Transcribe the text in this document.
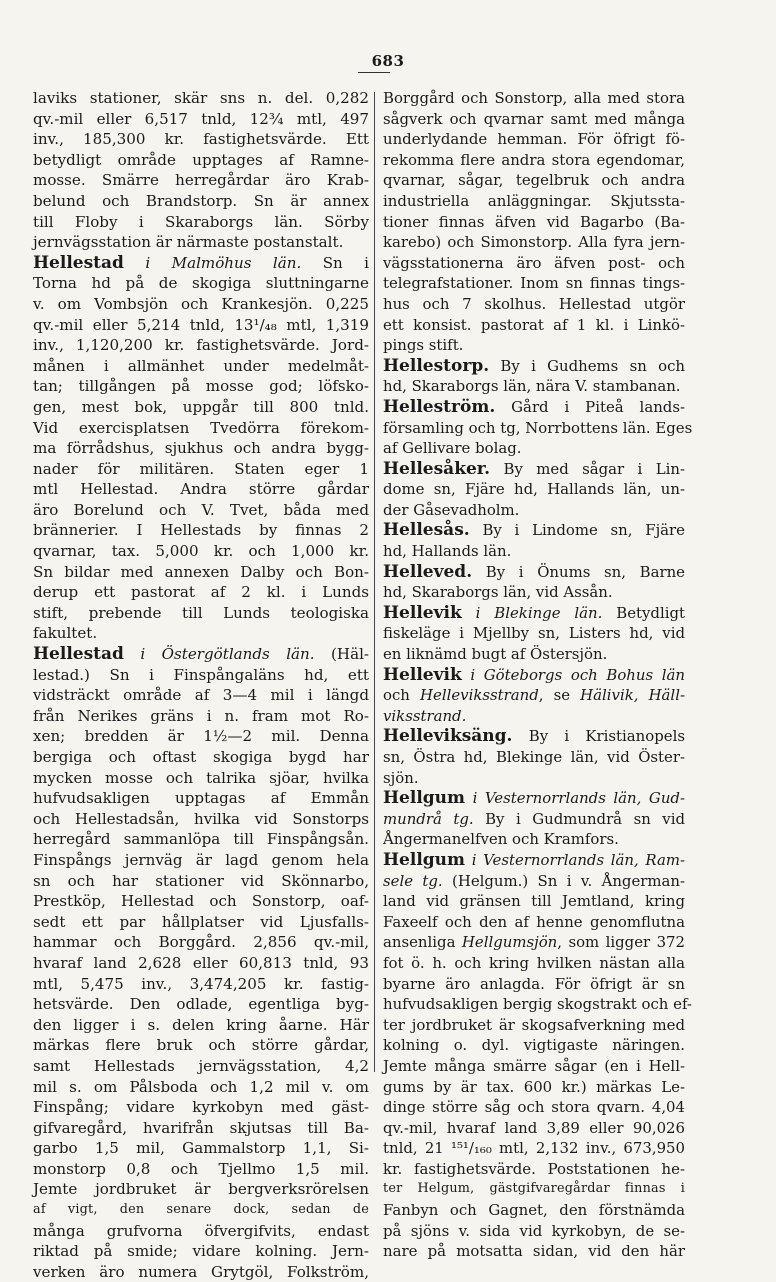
683
laviks stationer, skär sns n. del. 0,282
qv.-mil eller 6,517 tnld, 12¾ mtl, 497
inv., 185,300 kr. fastighetsvärde. Ett
betydligt område upptages af Ramne-
mosse. Smärre herregårdar äro Krab-
belund och Brandstorp. Sn är annex
till Floby i Skaraborgs län. Sörby
jernvägsstation är närmaste postanstalt.
Hellestad i Malmöhus län. Sn i
Torna hd på de skogiga sluttningarne
v. om Vombsjön och Krankesjön. 0,225
qv.-mil eller 5,214 tnld, 13¹/₄₈ mtl, 1,319
inv., 1,120,200 kr. fastighetsvärde. Jord-
månen i allmänhet under medelmåt-
tan; tillgången på mosse god; löfsko-
gen, mest bok, uppgår till 800 tnld.
Vid exercisplatsen Tvedörra förekom-
ma förrådshus, sjukhus och andra bygg-
nader för militären. Staten eger 1
mtl Hellestad. Andra större gårdar
äro Borelund och V. Tvet, båda med
brännerier. I Hellestads by finnas 2
qvarnar, tax. 5,000 kr. och 1,000 kr.
Sn bildar med annexen Dalby och Bon-
derup ett pastorat af 2 kl. i Lunds
stift, prebende till Lunds teologiska
fakultet.
Hellestad i Östergötlands län. (Häl-
lestad.) Sn i Finspångaläns hd, ett
vidsträckt område af 3—4 mil i längd
från Nerikes gräns i n. fram mot Ro-
xen; bredden är 1½—2 mil. Denna
bergiga och oftast skogiga bygd har
mycken mosse och talrika sjöar, hvilka
hufvudsakligen upptagas af Emmån
och Hellestadsån, hvilka vid Sonstorps
herregård sammanlöpa till Finspångsån.
Finspångs jernväg är lagd genom hela
sn och har stationer vid Skönnarbo,
Prestköp, Hellestad och Sonstorp, oaf-
sedt ett par hållplatser vid Ljusfalls-
hammar och Borggård. 2,856 qv.-mil,
hvaraf land 2,628 eller 60,813 tnld, 93
mtl, 5,475 inv., 3,474,205 kr. fastig-
hetsvärde. Den odlade, egentliga byg-
den ligger i s. delen kring åarne. Här
märkas flere bruk och större gårdar,
samt Hellestads jernvägsstation, 4,2
mil s. om Pålsboda och 1,2 mil v. om
Finspång; vidare kyrkobyn med gäst-
gifvaregård, hvarifrån skjutsas till Ba-
garbo 1,5 mil, Gammalstorp 1,1, Si-
monstorp 0,8 och Tjellmo 1,5 mil.
Jemte jordbruket är bergverksrörelsen
af vigt, den senare dock, sedan de
många grufvorna öfvergifvits, endast
riktad på smide; vidare kolning. Jern-
verken äro numera Grytgöl, Folkström,
Borggård och Sonstorp, alla med stora
sågverk och qvarnar samt med många
underlydande hemman. För öfrigt fö-
rekomma flere andra stora egendomar,
qvarnar, sågar, tegelbruk och andra
industriella anläggningar. Skjutssta-
tioner finnas äfven vid Bagarbo (Ba-
karebo) och Simonstorp. Alla fyra jern-
vägsstationerna äro äfven post- och
telegrafstationer. Inom sn finnas tings-
hus och 7 skolhus. Hellestad utgör
ett konsist. pastorat af 1 kl. i Linkö-
pings stift.
Hellestorp. By i Gudhems sn och
hd, Skaraborgs län, nära V. stambanan.
Helleström. Gård i Piteå lands-
församling och tg, Norrbottens län. Eges
af Gellivare bolag.
Hellesåker. By med sågar i Lin-
dome sn, Fjäre hd, Hallands län, un-
der Gåsevadholm.
Hellesås. By i Lindome sn, Fjäre
hd, Hallands län.
Helleved. By i Önums sn, Barne
hd, Skaraborgs län, vid Assån.
Hellevik i Blekinge län. Betydligt
fiskeläge i Mjellby sn, Listers hd, vid
en liknämd bugt af Östersjön.
Hellevik i Göteborgs och Bohus län
och Helleviksstrand, se Hälivik, Häll-
viksstrand.
Helleviksäng. By i Kristianopels
sn, Östra hd, Blekinge län, vid Öster-
sjön.
Hellgum i Vesternorrlands län, Gud-
mundrå tg. By i Gudmundrå sn vid
Ångermanelfven och Kramfors.
Hellgum i Vesternorrlands län, Ram-
sele tg. (Helgum.) Sn i v. Ångerman-
land vid gränsen till Jemtland, kring
Faxeelf och den af henne genomflutna
ansenliga Hellgumsjön, som ligger 372
fot ö. h. och kring hvilken nästan alla
byarne äro anlagda. För öfrigt är sn
hufvudsakligen bergig skogstrakt och ef-
ter jordbruket är skogsafverkning med
kolning o. dyl. vigtigaste näringen.
Jemte många smärre sågar (en i Hell-
gums by är tax. 600 kr.) märkas Le-
dinge större såg och stora qvarn. 4,04
qv.-mil, hvaraf land 3,89 eller 90,026
tnld, 21 ¹⁵¹/₁₆₀ mtl, 2,132 inv., 673,950
kr. fastighetsvärde. Poststationen he-
ter Helgum, gästgifvaregårdar finnas i
Fanbyn och Gagnet, den förstnämda
på sjöns v. sida vid kyrkobyn, de se-
nare på motsatta sidan, vid den här
